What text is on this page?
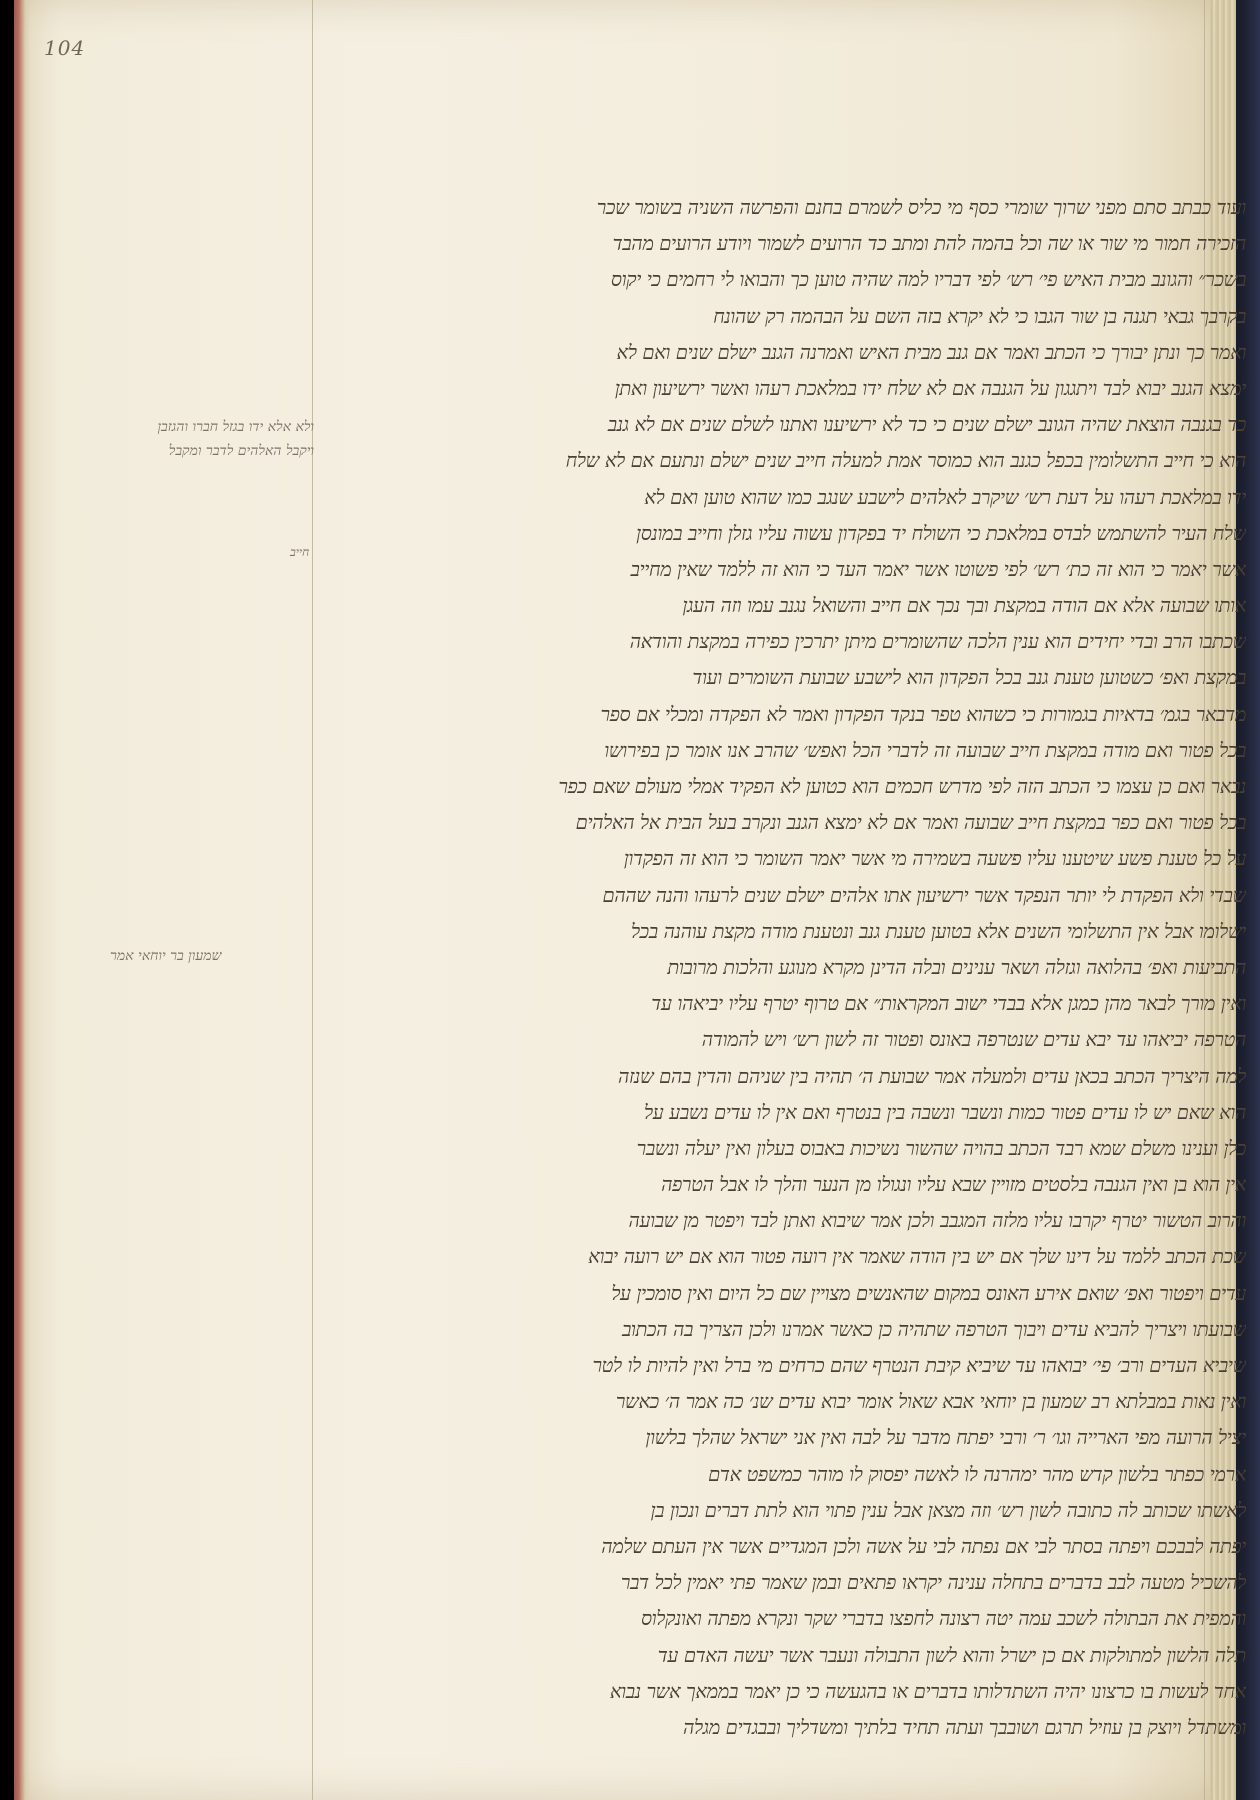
104
ועוד כבתב סתם מפני שרוך שומרי כסף מי כליס לשמרם בחנם והפרשה השניה בשומר שכר
הזכירה חמור מי שור או שה וכל בהמה להת ומתב כד הרועים לשמור ויודע הרועים מהבד
בשכר״ והגונב מבית האיש פי׳ רש׳ לפי דבריו למה שהיה טוען כך והבואו לי רחמים כי יקוס
בקרבך גבאי תגנה בן שור הגבו כי לא יקרא בזה השם על הבהמה רק שהונח
ואמר כך ונתן יבורך כי הכתב ואמר אם גנב מבית האיש ואמרנה הגנב ישלם שנים ואם לא
ימצא הגנב יבוא לבד ויתגגון על הגנבה אם לא שלח ידו במלאכת רעהו ואשר ירשיעון ואתן
כד בגנבה הוצאת שהיה הגונב ישלם שנים כי כד לא ירשיענו ואתנו לשלם שנים אם לא גנב
הוא כי חייב התשלומין בכפל כגנב הוא כמוסר אמת למעלה חייב שנים ישלם ונתעם אם לא שלח
ידו במלאכת רעהו על דעת רש׳ שיקרב לאלהים לישבע שנגב כמו שהוא טוען ואם לא
שלח העיר להשתמש לבדס במלאכת כי השולח יד בפקדון עשוה עליו גזלן וחייב במונסן
אשר יאמר כי הוא זה כת׳ רש׳ לפי פשוטו אשר יאמר העד כי הוא זה ללמד שאין מחייב
אותו שבועה אלא אם הודה במקצת ובך נכך אם חייב והשואל נגנב עמו וזה העגן
שכתבו הרב ובדי יחידים הוא ענין הלכה שהשומרים מיתן יתרכין כפירה במקצת והודאה
במקצת ואפ׳ כשטוען טענת גנב בכל הפקדון הוא לישבע שבועת השומרים ועוד
מדבאר בגמ׳ בדאיות בגמורות כי כשהוא טפר בנקד הפקדון ואמר לא הפקדה ומכלי אם ספר
בכל פטור ואם מודה במקצת חייב שבועה זה לדברי הכל ואפש׳ שהרב אנו אומר כן בפירושו
נבאר ואם כן עצמו כי הכתב הזה לפי מדרש חכמים הוא כטוען לא הפקיד אמלי מעולם שאם כפר
בכל פטור ואם כפר במקצת חייב שבועה ואמר אם לא ימצא הגנב ונקרב בעל הבית אל האלהים
על כל טענת פשע שיטענו עליו פשעה בשמירה מי אשר יאמר השומר כי הוא זה הפקדון
שבדי ולא הפקדת לי יותר הנפקד אשר ירשיעון אתו אלהים ישלם שנים לרעהו והנה שההם
ישלומו אבל אין התשלומי השנים אלא בטוען טענת גנב ונטענת מודה מקצת עוהנה בכל
התביעות ואפ׳ בהלואה וגזלה ושאר ענינים ובלה הדינן מקרא מנוגע והלכות מרובות
ואין מורך לבאר מהן כמגן אלא בבדי ישוב המקראות״ אם טרוף יטרף עליו יביאהו עד
הטרפה יביאהו עד יבא עדים שנטרפה באונס ופטור זה לשון רש׳ ויש להמודה
למה היצריך הכתב בכאן עדים ולמעלה אמר שבועת ה׳ תהיה בין שניהם והדין בהם שנזה
הוא שאם יש לו עדים פטור כמות ונשבר ונשבה בין בנטרף ואם אין לו עדים נשבע על
כלן וענינו משלם שמא רבד הכתב בהויה שהשור נשיכות באבוס בעלון ואין יעלה ונשבר
אין הוא בן ואין הגנבה בלסטים מזויין שבא עליו ונגולו מן הנער והלך לו אבל הטרפה
והרוב הטשור יטרף יקרבו עליו מלזה המגבב ולכן אמר שיבוא ואתן לבד ויפטר מן שבועה
שכת הכתב ללמד על דינו שלך אם יש בין הודה שאמר אין רועה פטור הוא אם יש רועה יבוא
עדים ויפטור ואפ׳ שואם אירע האונס במקום שהאנשים מצויין שם כל היום ואין סומכין על
שבועתו ויצריך להביא עדים ויבוך הטרפה שתהיה כן כאשר אמרנו ולכן הצריך בה הכתוב
שיביא העדים ורב׳ פי׳ יבואהו עד שיביא קיבת הנטרף שהם כרחים מי ברל ואין להיות לו לטר
ואין נאות במבלתא רב שמעון בן יוחאי אבא שאול אומר יבוא עדים שנ׳ כה אמר ה׳ כאשר
יציל הרועה מפי הארייה וגו׳ ר׳ ורבי יפתח מדבר על לבה ואין אני ישראל שהלך בלשון
ארמי כפתר בלשון קדש מהר ימהרנה לו לאשה יפסוק לו מוהר כמשפט אדם
לאשתו שכותב לה כתובה לשון רש׳ וזה מצאן אבל ענין פתוי הוא לתת דברים ונכון בן
יפתה לבבכם ויפתה בסתר לבי אם נפתה לבי על אשה ולכן המגדיים אשר אין העתם שלמה
להשכיל מטעה לבב בדברים בתחלה ענינה יקראו פתאים ובמן שאמר פתי יאמין לכל דבר
והמפית את הבתולה לשכב עמה יטה רצונה לחפצו בדברי שקר ונקרא מפתה ואונקלוס
תלה הלשון למתולקות אם כן ישרל והוא לשון התבולה ונעבר אשר יעשה האדם עד
אחד לעשות בו כרצונו יהיה השתדלותו בדברים או בהגעשה כי כן יאמר בממאך אשר נבוא
ומשתדל ויוצק בן עוזיל תרגם ושובבך ועתה תחיד בלתיך ומשדליך ובבגדים מגלה
ולא אלא ידו בגזל חברו והגזבן
ויקבל האלהים לדבר ומקבל
חייב
שמעון בר יוחאי אמר
